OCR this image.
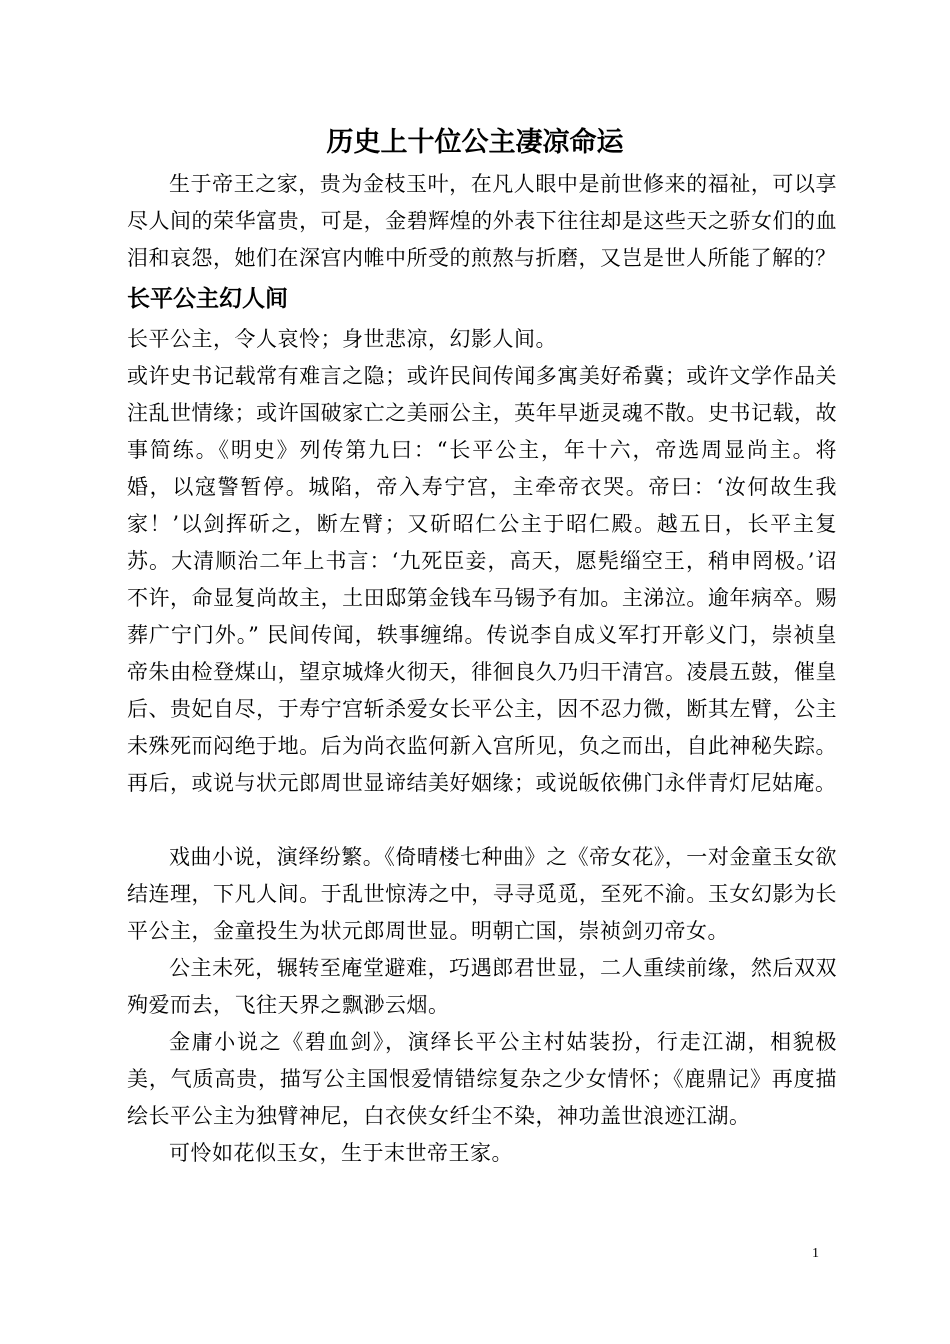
历史上十位公主凄凉命运

生于帝王之家，贵为金枝玉叶，在凡人眼中是前世修来的福祉，可以享尽人间的荣华富贵，可是，金碧辉煌的外表下往往却是这些天之骄女们的血泪和哀怨，她们在深宫内帷中所受的煎熬与折磨，又岂是世人所能了解的？

长平公主幻人间

长平公主，令人哀怜；身世悲凉，幻影人间。

或许史书记载常有难言之隐；或许民间传闻多寓美好希冀；或许文学作品关注乱世情缘；或许国破家亡之美丽公主，英年早逝灵魂不散。史书记载，故事简练。《明史》列传第九曰：“长平公主，年十六，帝选周显尚主。将婚，以寇警暂停。城陷，帝入寿宁宫，主牵帝衣哭。帝曰：‘汝何故生我家！’以剑挥斫之，断左臂；又斫昭仁公主于昭仁殿。越五日，长平主复苏。大清顺治二年上书言：‘九死臣妾，高天，愿髡缁空王，稍申罔极。’诏不许，命显复尚故主，土田邸第金钱车马锡予有加。主涕泣。逾年病卒。赐葬广宁门外。” 民间传闻，轶事缠绵。传说李自成义军打开彰义门，崇祯皇帝朱由检登煤山，望京城烽火彻天，徘徊良久乃归干清宫。凌晨五鼓，催皇后、贵妃自尽，于寿宁宫斩杀爱女长平公主，因不忍力微，断其左臂，公主未殊死而闷绝于地。后为尚衣监何新入宫所见，负之而出，自此神秘失踪。再后，或说与状元郎周世显谛结美好姻缘；或说皈依佛门永伴青灯尼姑庵。

戏曲小说，演绎纷繁。《倚晴楼七种曲》之《帝女花》，一对金童玉女欲结连理，下凡人间。于乱世惊涛之中，寻寻觅觅，至死不渝。玉女幻影为长平公主，金童投生为状元郎周世显。明朝亡国，崇祯剑刃帝女。

公主未死，辗转至庵堂避难，巧遇郎君世显，二人重续前缘，然后双双殉爱而去，飞往天界之飘渺云烟。

金庸小说之《碧血剑》，演绎长平公主村姑装扮，行走江湖，相貌极美，气质高贵，描写公主国恨爱情错综复杂之少女情怀；《鹿鼎记》再度描绘长平公主为独臂神尼，白衣侠女纤尘不染，神功盖世浪迹江湖。

可怜如花似玉女，生于末世帝王家。

1
